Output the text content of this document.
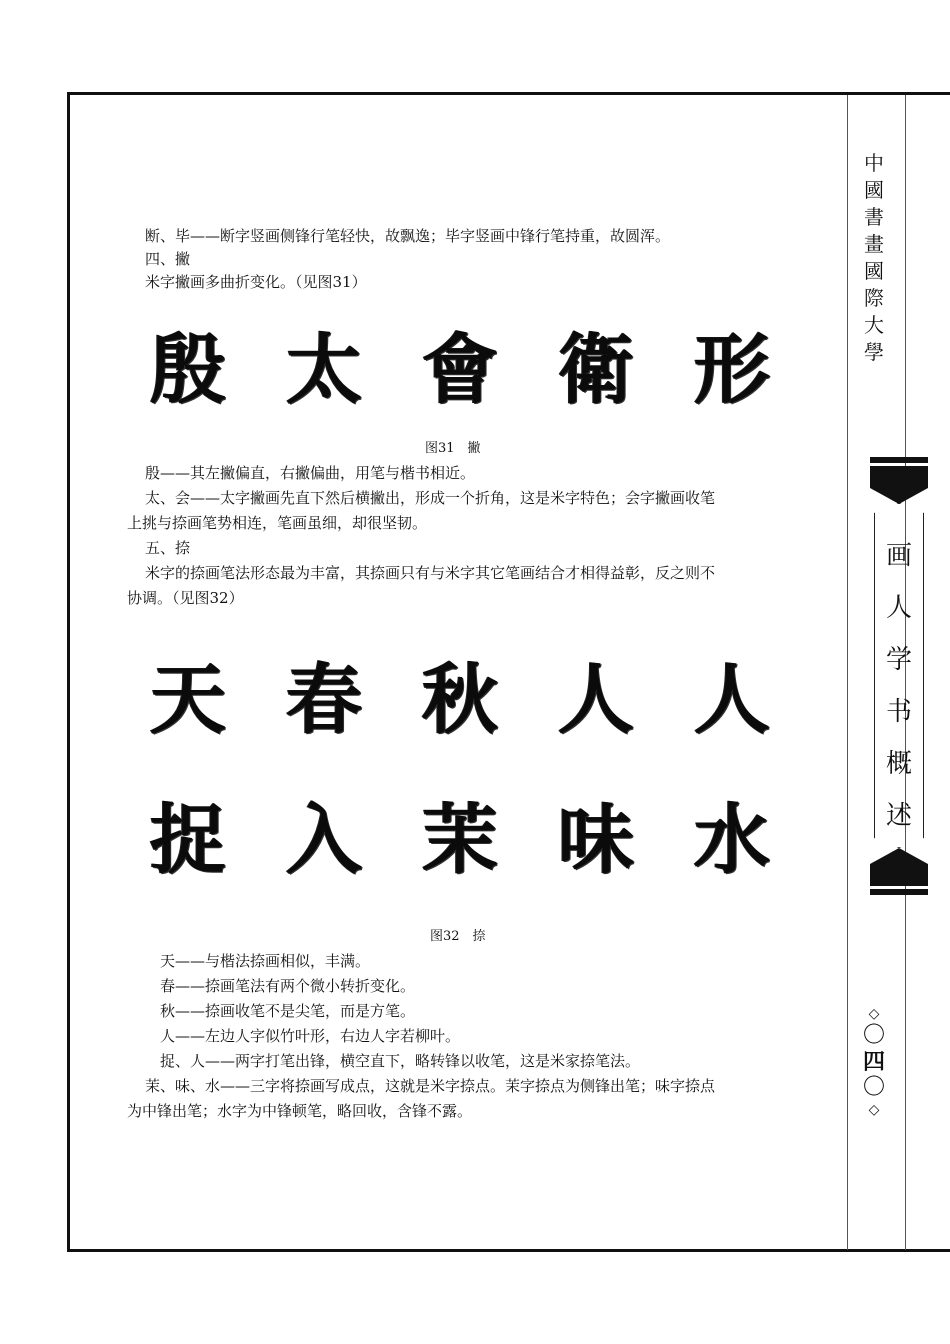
中
國
書
畫
國
際
大
學
画
人
学
书
概
述
◇
〇
四
〇
◇
断、毕——断字竖画侧锋行笔轻快，故飘逸；毕字竖画中锋行笔持重，故圆浑。
四、撇
米字撇画多曲折变化。（见图31）
殷 太 會 衛 形
图31　撇
殷——其左撇偏直，右撇偏曲，用笔与楷书相近。
太、会——太字撇画先直下然后横撇出，形成一个折角，这是米字特色；会字撇画收笔
上挑与捺画笔势相连，笔画虽细，却很坚韧。
五、捺
米字的捺画笔法形态最为丰富，其捺画只有与米字其它笔画结合才相得益彰，反之则不
协调。（见图32）
天 春 秋 人 人
捉 入 茉 味 水
图32　捺
天——与楷法捺画相似，丰满。
春——捺画笔法有两个微小转折变化。
秋——捺画收笔不是尖笔，而是方笔。
人——左边人字似竹叶形，右边人字若柳叶。
捉、人——两字打笔出锋，横空直下，略转锋以收笔，这是米家捺笔法。
茉、味、水——三字将捺画写成点，这就是米字捺点。茉字捺点为侧锋出笔；味字捺点
为中锋出笔；水字为中锋顿笔，略回收，含锋不露。
